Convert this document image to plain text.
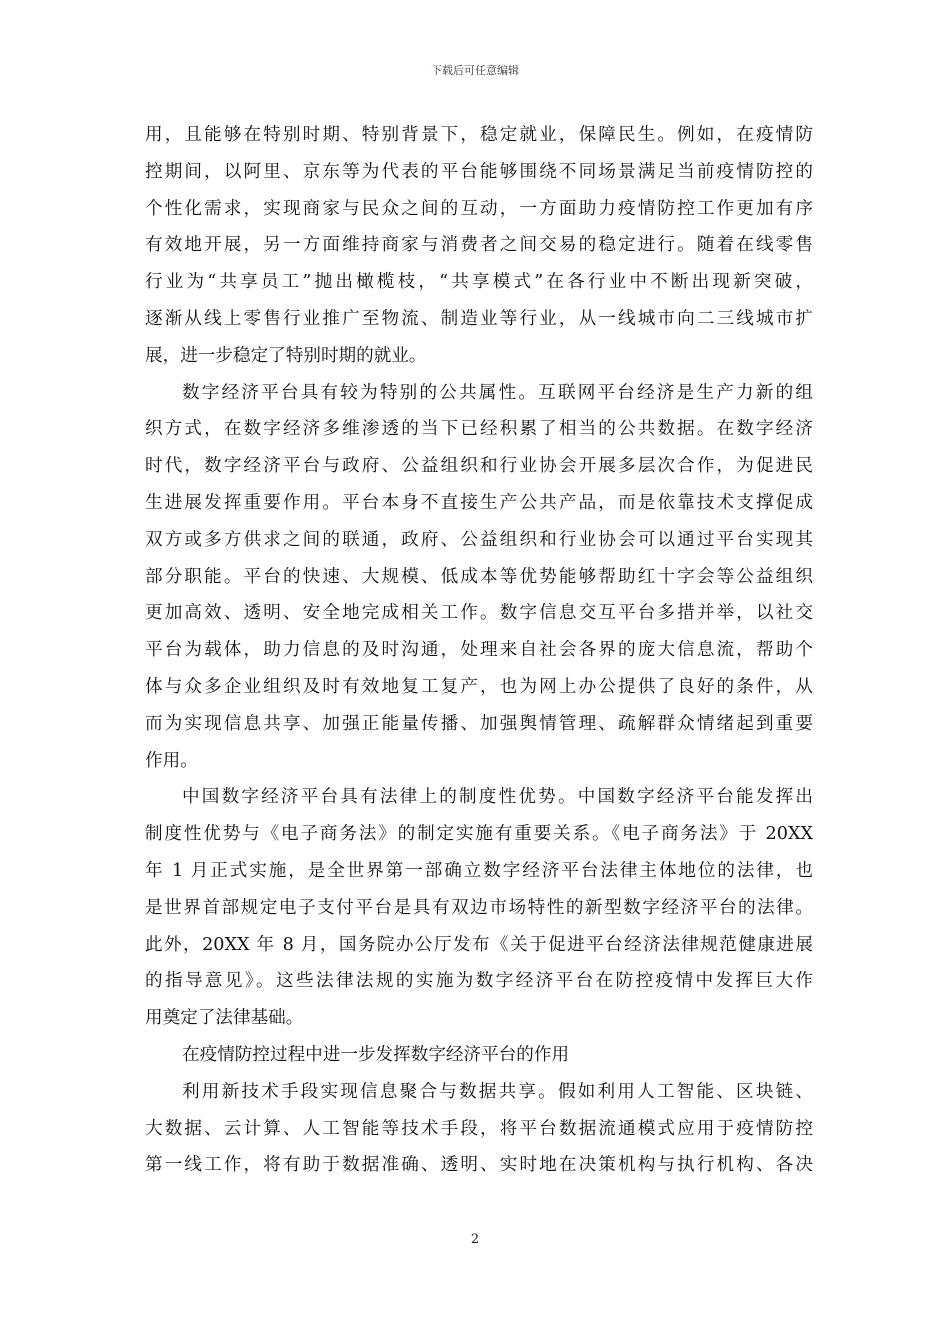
下载后可任意编辑
用，且能够在特别时期、特别背景下，稳定就业，保障民生。例如，在疫情防
控期间，以阿里、京东等为代表的平台能够围绕不同场景满足当前疫情防控的
个性化需求，实现商家与民众之间的互动，一方面助力疫情防控工作更加有序
有效地开展，另一方面维持商家与消费者之间交易的稳定进行。随着在线零售
行业为“共享员工”抛出橄榄枝，“共享模式”在各行业中不断出现新突破，
逐渐从线上零售行业推广至物流、制造业等行业，从一线城市向二三线城市扩
展，进一步稳定了特别时期的就业。
数字经济平台具有较为特别的公共属性。互联网平台经济是生产力新的组
织方式，在数字经济多维渗透的当下已经积累了相当的公共数据。在数字经济
时代，数字经济平台与政府、公益组织和行业协会开展多层次合作，为促进民
生进展发挥重要作用。平台本身不直接生产公共产品，而是依靠技术支撑促成
双方或多方供求之间的联通，政府、公益组织和行业协会可以通过平台实现其
部分职能。平台的快速、大规模、低成本等优势能够帮助红十字会等公益组织
更加高效、透明、安全地完成相关工作。数字信息交互平台多措并举，以社交
平台为载体，助力信息的及时沟通，处理来自社会各界的庞大信息流，帮助个
体与众多企业组织及时有效地复工复产，也为网上办公提供了良好的条件，从
而为实现信息共享、加强正能量传播、加强舆情管理、疏解群众情绪起到重要
作用。
中国数字经济平台具有法律上的制度性优势。中国数字经济平台能发挥出
制度性优势与《电子商务法》的制定实施有重要关系。《电子商务法》于 20XX
年 1 月正式实施，是全世界第一部确立数字经济平台法律主体地位的法律，也
是世界首部规定电子支付平台是具有双边市场特性的新型数字经济平台的法律。
此外，20XX 年 8 月，国务院办公厅发布《关于促进平台经济法律规范健康进展
的指导意见》。这些法律法规的实施为数字经济平台在防控疫情中发挥巨大作
用奠定了法律基础。
在疫情防控过程中进一步发挥数字经济平台的作用
利用新技术手段实现信息聚合与数据共享。假如利用人工智能、区块链、
大数据、云计算、人工智能等技术手段，将平台数据流通模式应用于疫情防控
第一线工作，将有助于数据准确、透明、实时地在决策机构与执行机构、各决
2
